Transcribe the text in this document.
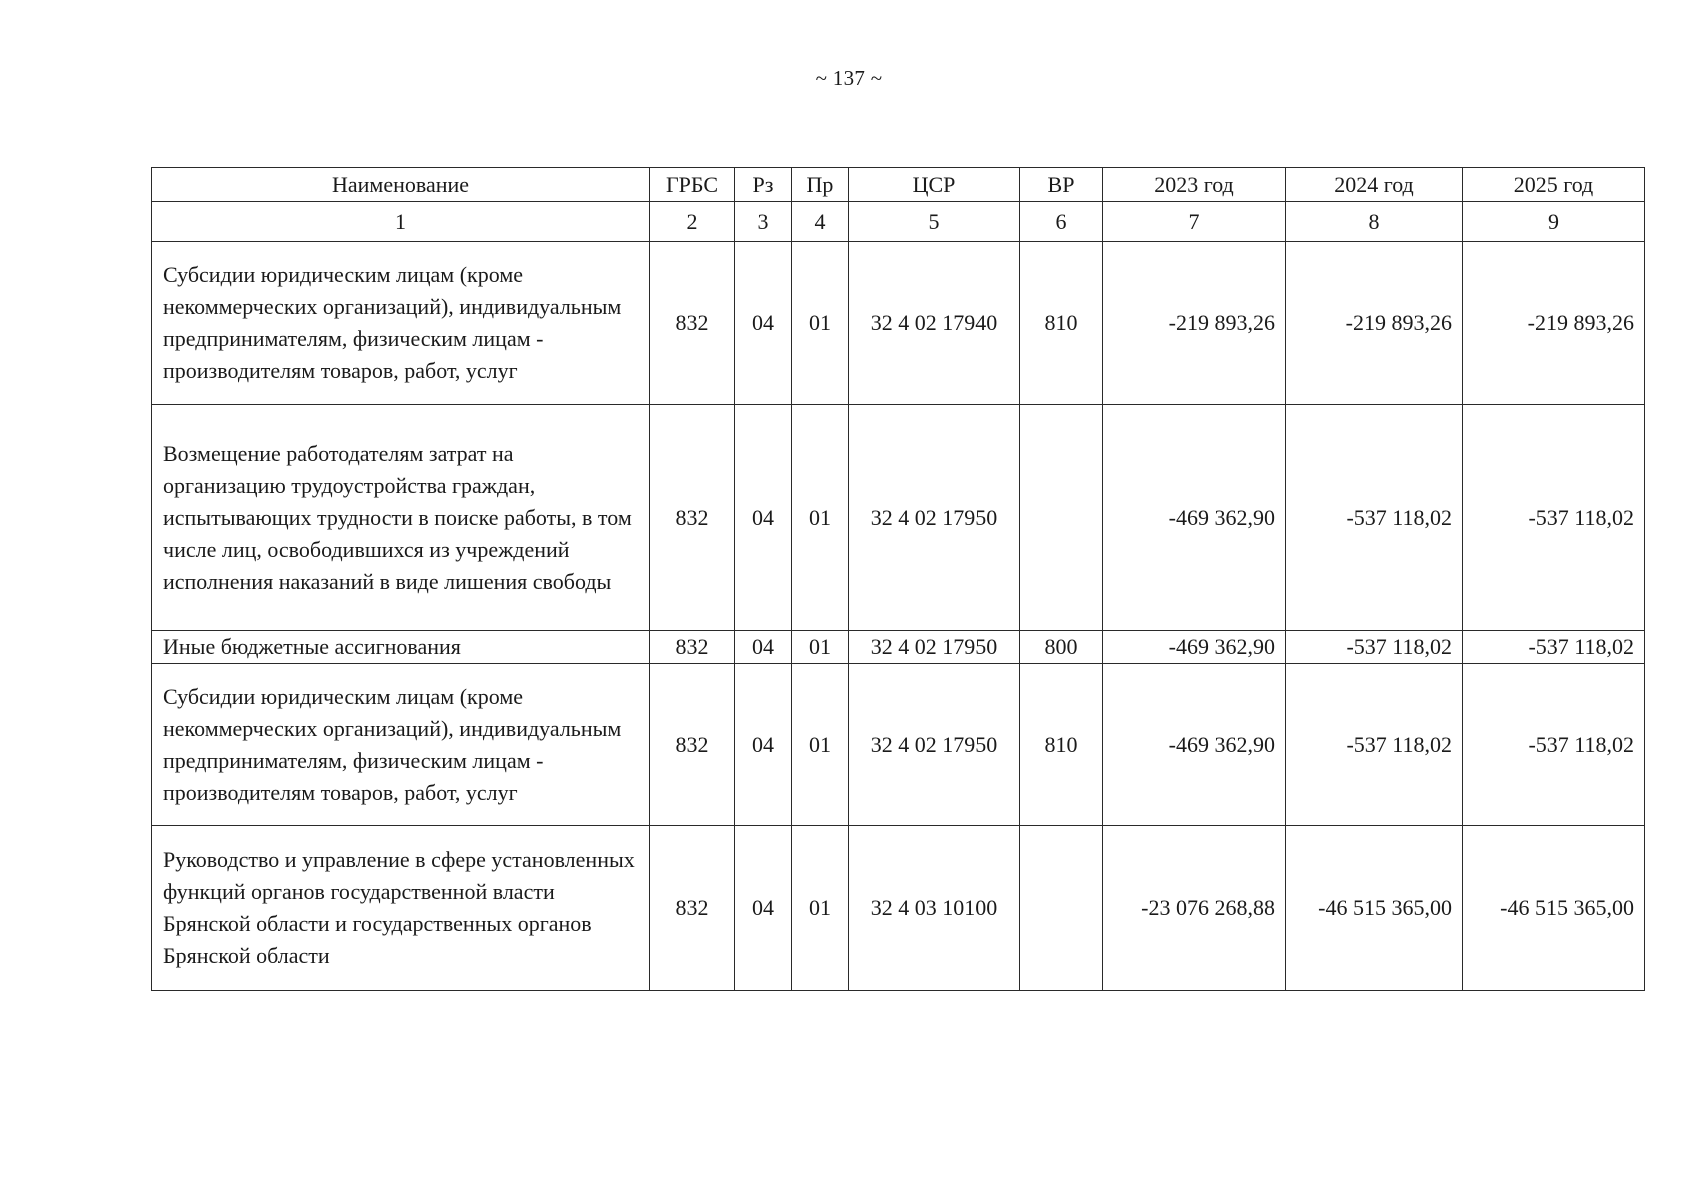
~ 137 ~
Наименование	ГРБС	Рз	Пр	ЦСР	ВР	2023 год	2024 год	2025 год
1	2	3	4	5	6	7	8	9
Субсидии юридическим лицам (кроме некоммерческих организаций), индивидуальным предпринимателям, физическим лицам - производителям товаров, работ, услуг	832	04	01	32 4 02 17940	810	-219 893,26	-219 893,26	-219 893,26
Возмещение работодателям затрат на организацию трудоустройства граждан, испытывающих трудности в поиске работы, в том числе лиц, освободившихся из учреждений исполнения наказаний в виде лишения свободы	832	04	01	32 4 02 17950		-469 362,90	-537 118,02	-537 118,02
Иные бюджетные ассигнования	832	04	01	32 4 02 17950	800	-469 362,90	-537 118,02	-537 118,02
Субсидии юридическим лицам (кроме некоммерческих организаций), индивидуальным предпринимателям, физическим лицам - производителям товаров, работ, услуг	832	04	01	32 4 02 17950	810	-469 362,90	-537 118,02	-537 118,02
Руководство и управление в сфере установленных функций органов государственной власти Брянской области и государственных органов Брянской области	832	04	01	32 4 03 10100		-23 076 268,88	-46 515 365,00	-46 515 365,00
